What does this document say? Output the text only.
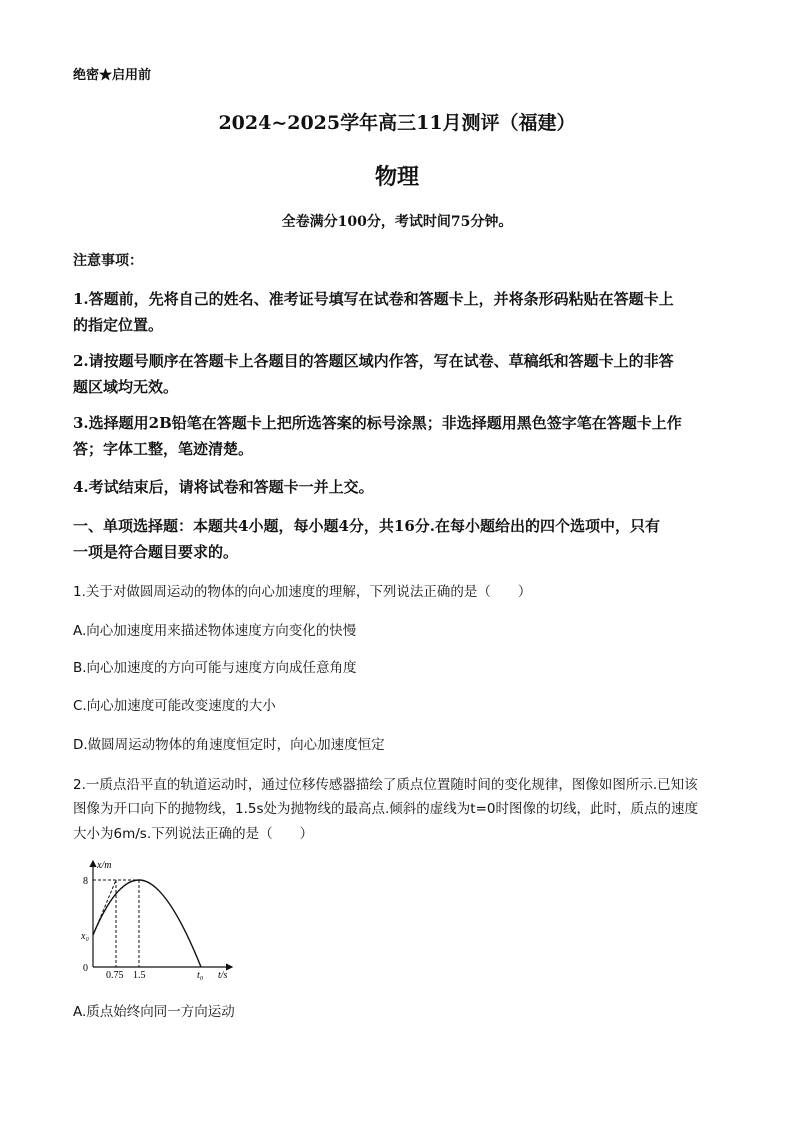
绝密★启用前
2024~2025学年高三11月测评（福建）
物理
全卷满分100分，考试时间75分钟。
注意事项：
1.答题前，先将自己的姓名、准考证号填写在试卷和答题卡上，并将条形码粘贴在答题卡上
的指定位置。
2.请按题号顺序在答题卡上各题目的答题区域内作答，写在试卷、草稿纸和答题卡上的非答
题区域均无效。
3.选择题用2B铅笔在答题卡上把所选答案的标号涂黑；非选择题用黑色签字笔在答题卡上作
答；字体工整，笔迹清楚。
4.考试结束后，请将试卷和答题卡一并上交。
一、单项选择题：本题共4小题，每小题4分，共16分.在每小题给出的四个选项中，只有
一项是符合题目要求的。
1.关于对做圆周运动的物体的向心加速度的理解，下列说法正确的是（　　）
A.向心加速度用来描述物体速度方向变化的快慢
B.向心加速度的方向可能与速度方向成任意角度
C.向心加速度可能改变速度的大小
D.做圆周运动物体的角速度恒定时，向心加速度恒定
2.一质点沿平直的轨道运动时，通过位移传感器描绘了质点位置随时间的变化规律，图像如图所示.已知该
图像为开口向下的抛物线，1.5s处为抛物线的最高点.倾斜的虚线为t=0时图像的切线，此时，质点的速度
大小为6m/s.下列说法正确的是（　　）
x/m
t/s
8
x₀
0
0.75 1.5	t₀
A.质点始终向同一方向运动
